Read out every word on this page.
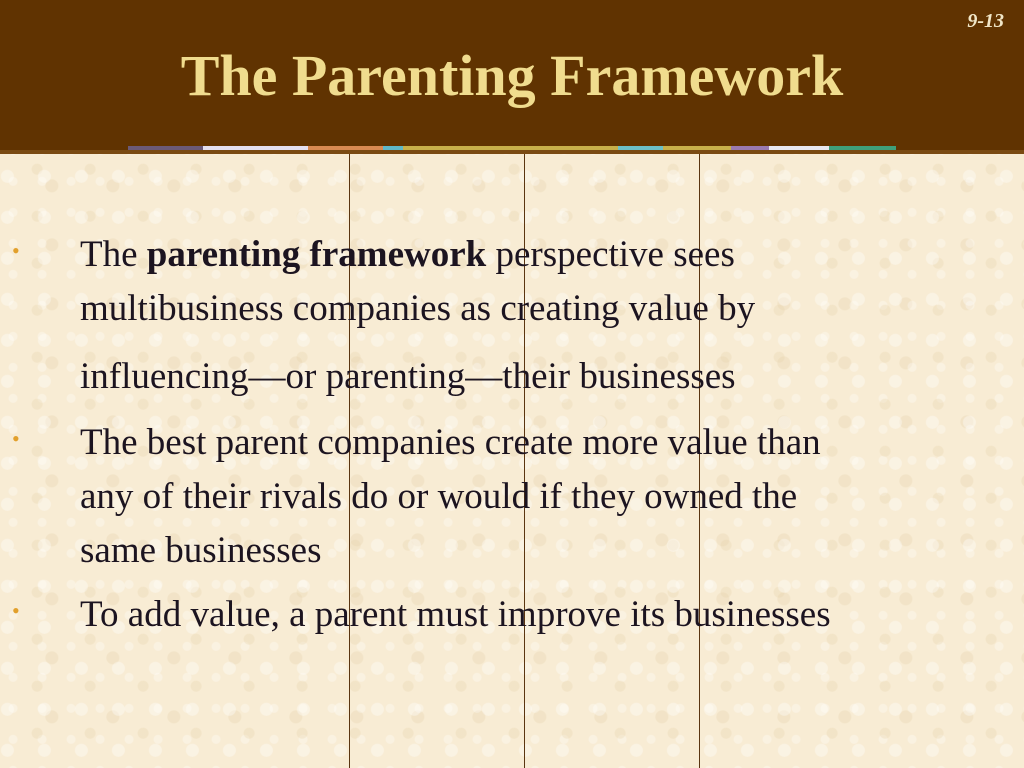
9-13
The Parenting Framework
• The parenting framework perspective sees
multibusiness companies as creating value by
influencing—or parenting—their businesses
• The best parent companies create more value than
any of their rivals do or would if they owned the
same businesses
• To add value, a parent must improve its businesses
